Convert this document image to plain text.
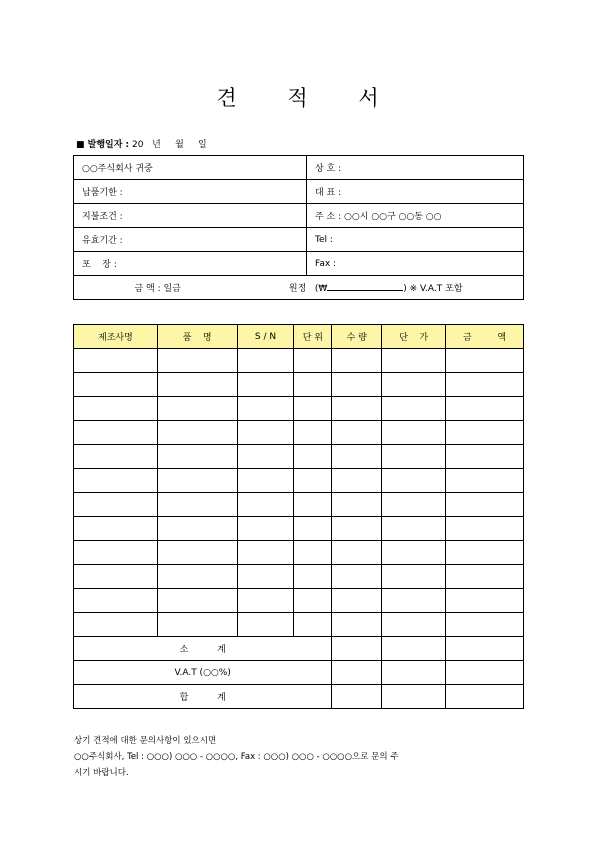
견 적 서
■ 발행일자 : 20   년     월     일
○○주식회사 귀중	상 호 :
납품기한 :	대 표 :
지불조건 :	주 소 : ○○시 ○○구 ○○동 ○○
유효기간 :	Tel :
포    장 :	Fax :
금 액 : 일금 원정 (₩ ) ※ V.A.T 포함	
제조사명	품    명	S / N	단 위	수 량	단    가	금         액

소          계						
V.A.T (○○%)						
합          계						
상기 견적에 대한 문의사항이 있으시면
○○주식회사, Tel : ○○○) ○○○ - ○○○○, Fax : ○○○) ○○○ - ○○○○으로 문의 주
시기 바랍니다.
